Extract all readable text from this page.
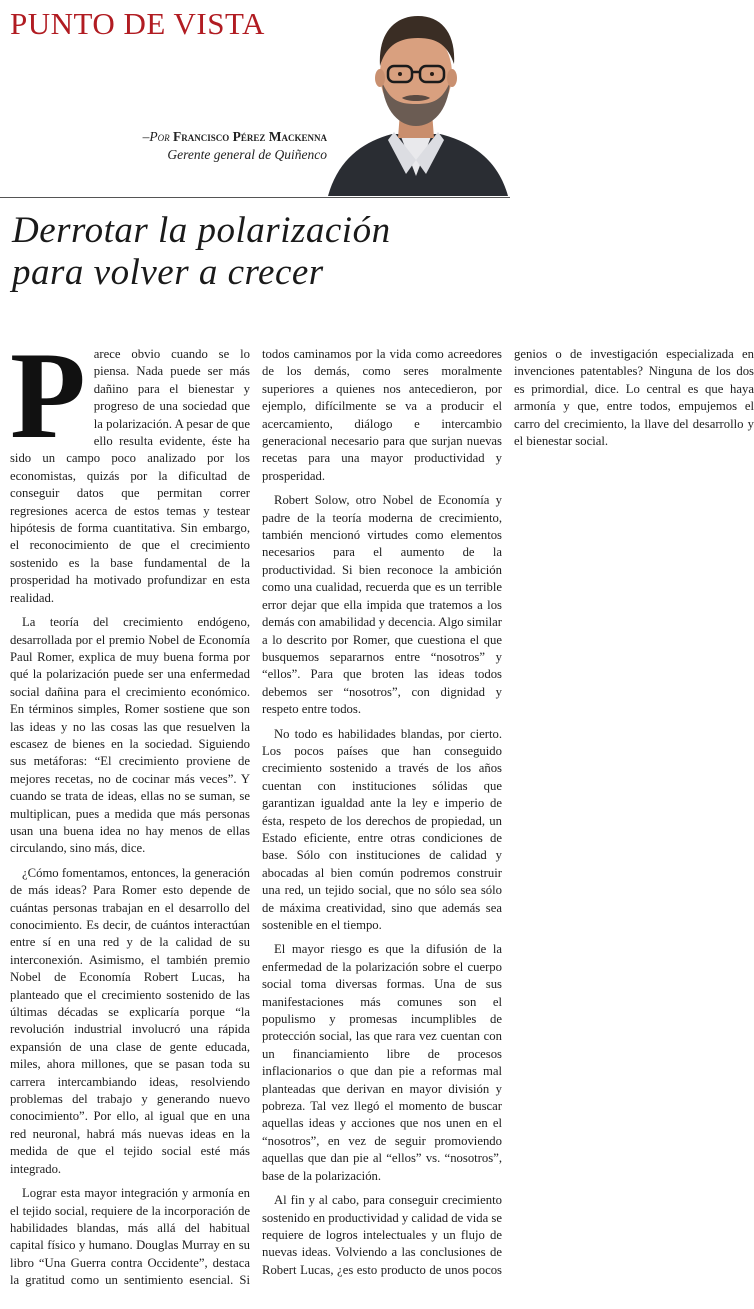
PUNTO DE VISTA
–Por Francisco Pérez Mackenna
Gerente general de Quiñenco
Derrotar la polarización
para volver a crecer

Parece obvio cuando se lo piensa. Nada puede ser más dañino para el bienestar y progreso de una sociedad que la polarización. A pesar de que ello resulta evidente, éste ha sido un campo poco analizado por los economistas, quizás por la dificultad de conseguir datos que permitan correr regresiones acerca de estos temas y testear hipótesis de forma cuantitativa. Sin embargo, el reconocimiento de que el crecimiento sostenido es la base fundamental de la prosperidad ha motivado profundizar en esta realidad.

La teoría del crecimiento endógeno, desarrollada por el premio Nobel de Economía Paul Romer, explica de muy buena forma por qué la polarización puede ser una enfermedad social dañina para el crecimiento económico. En términos simples, Romer sostiene que son las ideas y no las cosas las que resuelven la escasez de bienes en la sociedad. Siguiendo sus metáforas: “El crecimiento proviene de mejores recetas, no de cocinar más veces”. Y cuando se trata de ideas, ellas no se suman, se multiplican, pues a medida que más personas usan una buena idea no hay menos de ellas circulando, sino más, dice.

¿Cómo fomentamos, entonces, la generación de más ideas? Para Romer esto depende de cuántas personas trabajan en el desarrollo del conocimiento. Es decir, de cuántos interactúan entre sí en una red y de la calidad de su interconexión. Asimismo, el también premio Nobel de Economía Robert Lucas, ha planteado que el crecimiento sostenido de las últimas décadas se explicaría porque “la revolución industrial involucró una rápida expansión de una clase de gente educada, miles, ahora millones, que se pasan toda su carrera intercambiando ideas, resolviendo problemas del trabajo y generando nuevo conocimiento”. Por ello, al igual que en una red neuronal, habrá más nuevas ideas en la medida de que el tejido social esté más integrado.

Lograr esta mayor integración y armonía en el tejido social, requiere de la incorporación de habilidades blandas, más allá del habitual capital físico y humano. Douglas Murray en su libro “Una Guerra contra Occidente”, destaca la gratitud como un sentimiento esencial. Si todos caminamos por la vida como acreedores de los demás, como seres moralmente superiores a quienes nos antecedieron, por ejemplo, difícilmente se va a producir el acercamiento, diálogo e intercambio generacional necesario para que surjan nuevas recetas para una mayor productividad y prosperidad.

Robert Solow, otro Nobel de Economía y padre de la teoría moderna de crecimiento, también mencionó virtudes como elementos necesarios para el aumento de la productividad. Si bien reconoce la ambición como una cualidad, recuerda que es un terrible error dejar que ella impida que tratemos a los demás con amabilidad y decencia. Algo similar a lo descrito por Romer, que cuestiona el que busquemos separarnos entre “nosotros” y “ellos”. Para que broten las ideas todos debemos ser “nosotros”, con dignidad y respeto entre todos.

No todo es habilidades blandas, por cierto. Los pocos países que han conseguido crecimiento sostenido a través de los años cuentan con instituciones sólidas que garantizan igualdad ante la ley e imperio de ésta, respeto de los derechos de propiedad, un Estado eficiente, entre otras condiciones de base. Sólo con instituciones de calidad y abocadas al bien común podremos construir una red, un tejido social, que no sólo sea sólo de máxima creatividad, sino que además sea sostenible en el tiempo.

El mayor riesgo es que la difusión de la enfermedad de la polarización sobre el cuerpo social toma diversas formas. Una de sus manifestaciones más comunes son el populismo y promesas incumplibles de protección social, las que rara vez cuentan con un financiamiento libre de procesos inflacionarios o que dan pie a reformas mal planteadas que derivan en mayor división y pobreza. Tal vez llegó el momento de buscar aquellas ideas y acciones que nos unen en el “nosotros”, en vez de seguir promoviendo aquellas que dan pie al “ellos” vs. “nosotros”, base de la polarización.

Al fin y al cabo, para conseguir crecimiento sostenido en productividad y calidad de vida se requiere de logros intelectuales y un flujo de nuevas ideas. Volviendo a las conclusiones de Robert Lucas, ¿es esto producto de unos pocos genios o de investigación especializada en invenciones patentables? Ninguna de los dos es primordial, dice. Lo central es que haya armonía y que, entre todos, empujemos el carro del crecimiento, la llave del desarrollo y el bienestar social.
